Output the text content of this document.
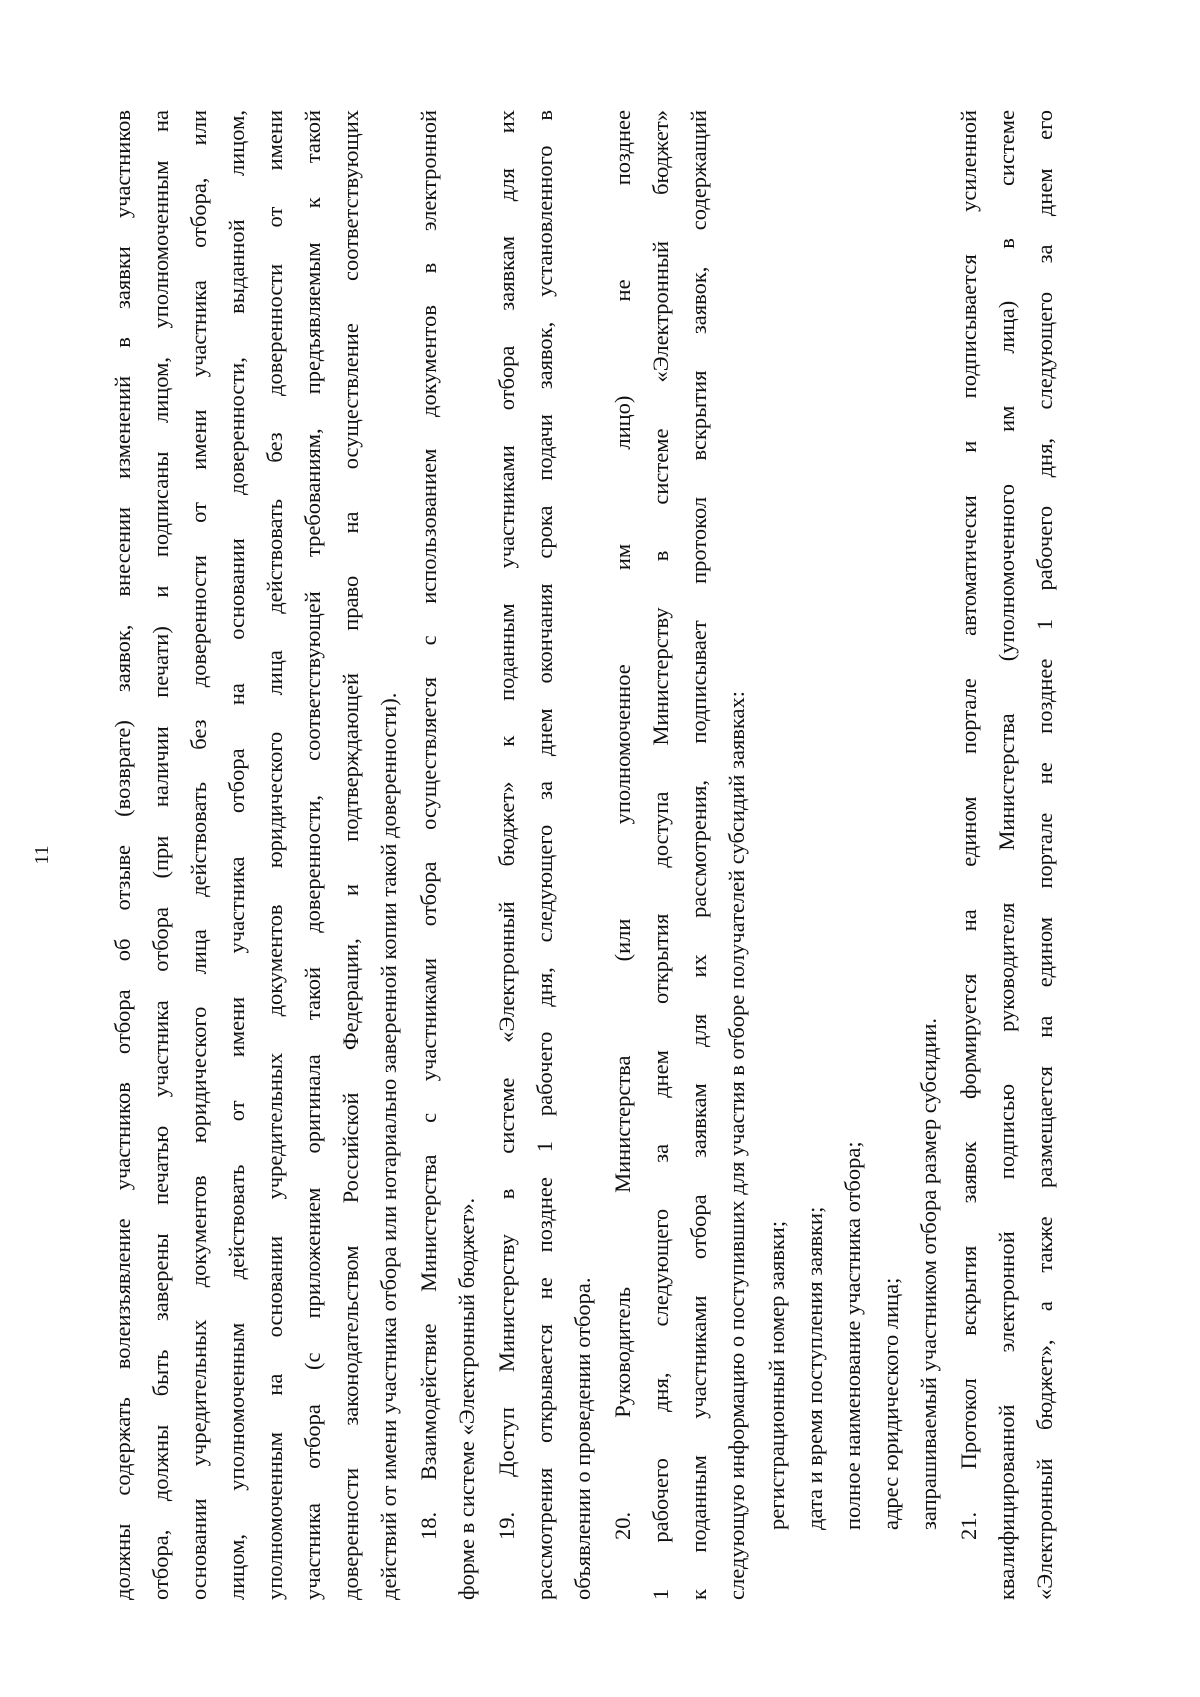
11	должны содержать волеизъявление участников отбора об отзыве (возврате) заявок, внесении изменений в заявки участников отбора, должны быть заверены печатью участника отбора (при наличии печати) и подписаны лицом, уполномоченным на основании учредительных документов юридического лица действовать без доверенности от имени участника отбора, или лицом, уполномоченным действовать от имени участника отбора на основании доверенности, выданной лицом, уполномоченным на основании учредительных документов юридического лица действовать без доверенности от имени участника отбора (с приложением оригинала такой доверенности, соответствующей требованиям, предъявляемым к такой доверенности законодательством Российской Федерации, и подтверждающей право на осуществление соответствующих действий от имени участника отбора или нотариально заверенной копии такой доверенности). 18. Взаимодействие Министерства с участниками отбора осуществляется с использованием документов в электронной форме в системе «Электронный бюджет». 19. Доступ Министерству в системе «Электронный бюджет» к поданным участниками отбора заявкам для их рассмотрения открывается не позднее 1 рабочего дня, следующего за днем окончания срока подачи заявок, установленного в объявлении о проведении отбора. 20. Руководитель Министерства (или уполномоченное им лицо) не позднее 1 рабочего дня, следующего за днем открытия доступа Министерству в системе «Электронный бюджет» к поданным участниками отбора заявкам для их рассмотрения, подписывает протокол вскрытия заявок, содержащий следующую информацию о поступивших для участия в отборе получателей субсидий заявках: регистрационный номер заявки; дата и время поступления заявки; полное наименование участника отбора; адрес юридического лица; запрашиваемый участником отбора размер субсидии. 21. Протокол вскрытия заявок формируется на едином портале автоматически и подписывается усиленной квалифицированной электронной подписью руководителя Министерства (уполномоченного им лица) в системе «Электронный бюджет», а также размещается на едином портале не позднее 1 рабочего дня, следующего за днем его
